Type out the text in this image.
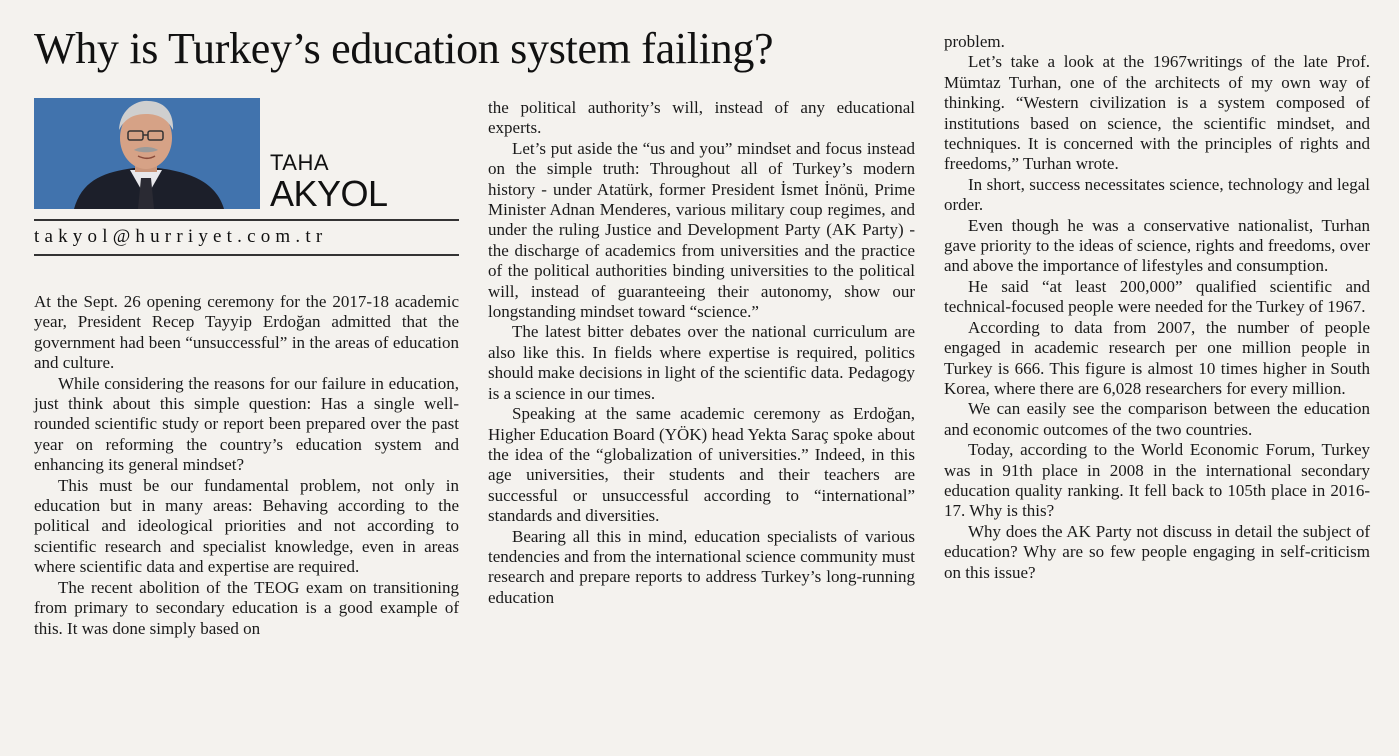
Why is Turkey’s education system failing?
TAHA
AKYOL
takyol@hurriyet.com.tr

At the Sept. 26 opening ceremony for the 2017-18 academic year, President Recep Tayyip Erdoğan admitted that the government had been “unsuccessful” in the areas of education and culture.

While considering the reasons for our failure in education, just think about this simple question: Has a single well-rounded scientific study or report been prepared over the past year on reforming the country’s education system and enhancing its general mindset?

This must be our fundamental problem, not only in education but in many areas: Behaving according to the political and ideological priorities and not according to scientific research and specialist knowledge, even in areas where scientific data and expertise are required.

The recent abolition of the TEOG exam on transitioning from primary to secondary education is a good example of this. It was done simply based on

the political authority’s will, instead of any educational experts.

Let’s put aside the “us and you” mindset and focus instead on the simple truth: Throughout all of Turkey’s modern history - under Atatürk, former President İsmet İnönü, Prime Minister Adnan Menderes, various military coup regimes, and under the ruling Justice and Development Party (AK Party) - the discharge of academics from universities and the practice of the political authorities binding universities to the political will, instead of guaranteeing their autonomy, show our longstanding mindset toward “science.”

The latest bitter debates over the national curriculum are also like this. In fields where expertise is required, politics should make decisions in light of the scientific data. Pedagogy is a science in our times.

Speaking at the same academic ceremony as Erdoğan, Higher Education Board (YÖK) head Yekta Saraç spoke about the idea of the “globalization of universities.” Indeed, in this age universities, their students and their teachers are successful or unsuccessful according to “international” standards and diversities.

Bearing all this in mind, education specialists of various tendencies and from the international science community must research and prepare reports to address Turkey’s long-running education

problem.

Let’s take a look at the 1967writings of the late Prof. Mümtaz Turhan, one of the architects of my own way of thinking. “Western civilization is a system composed of institutions based on science, the scientific mindset, and techniques. It is concerned with the principles of rights and freedoms,” Turhan wrote.

In short, success necessitates science, technology and legal order.

Even though he was a conservative nationalist, Turhan gave priority to the ideas of science, rights and freedoms, over and above the importance of lifestyles and consumption.

He said “at least 200,000” qualified scientific and technical-focused people were needed for the Turkey of 1967.

According to data from 2007, the number of people engaged in academic research per one million people in Turkey is 666. This figure is almost 10 times higher in South Korea, where there are 6,028 researchers for every million.

We can easily see the comparison between the education and economic outcomes of the two countries.

Today, according to the World Economic Forum, Turkey was in 91th place in 2008 in the international secondary education quality ranking. It fell back to 105th place in 2016-17. Why is this?

Why does the AK Party not discuss in detail the subject of education? Why are so few people engaging in self-criticism on this issue?
